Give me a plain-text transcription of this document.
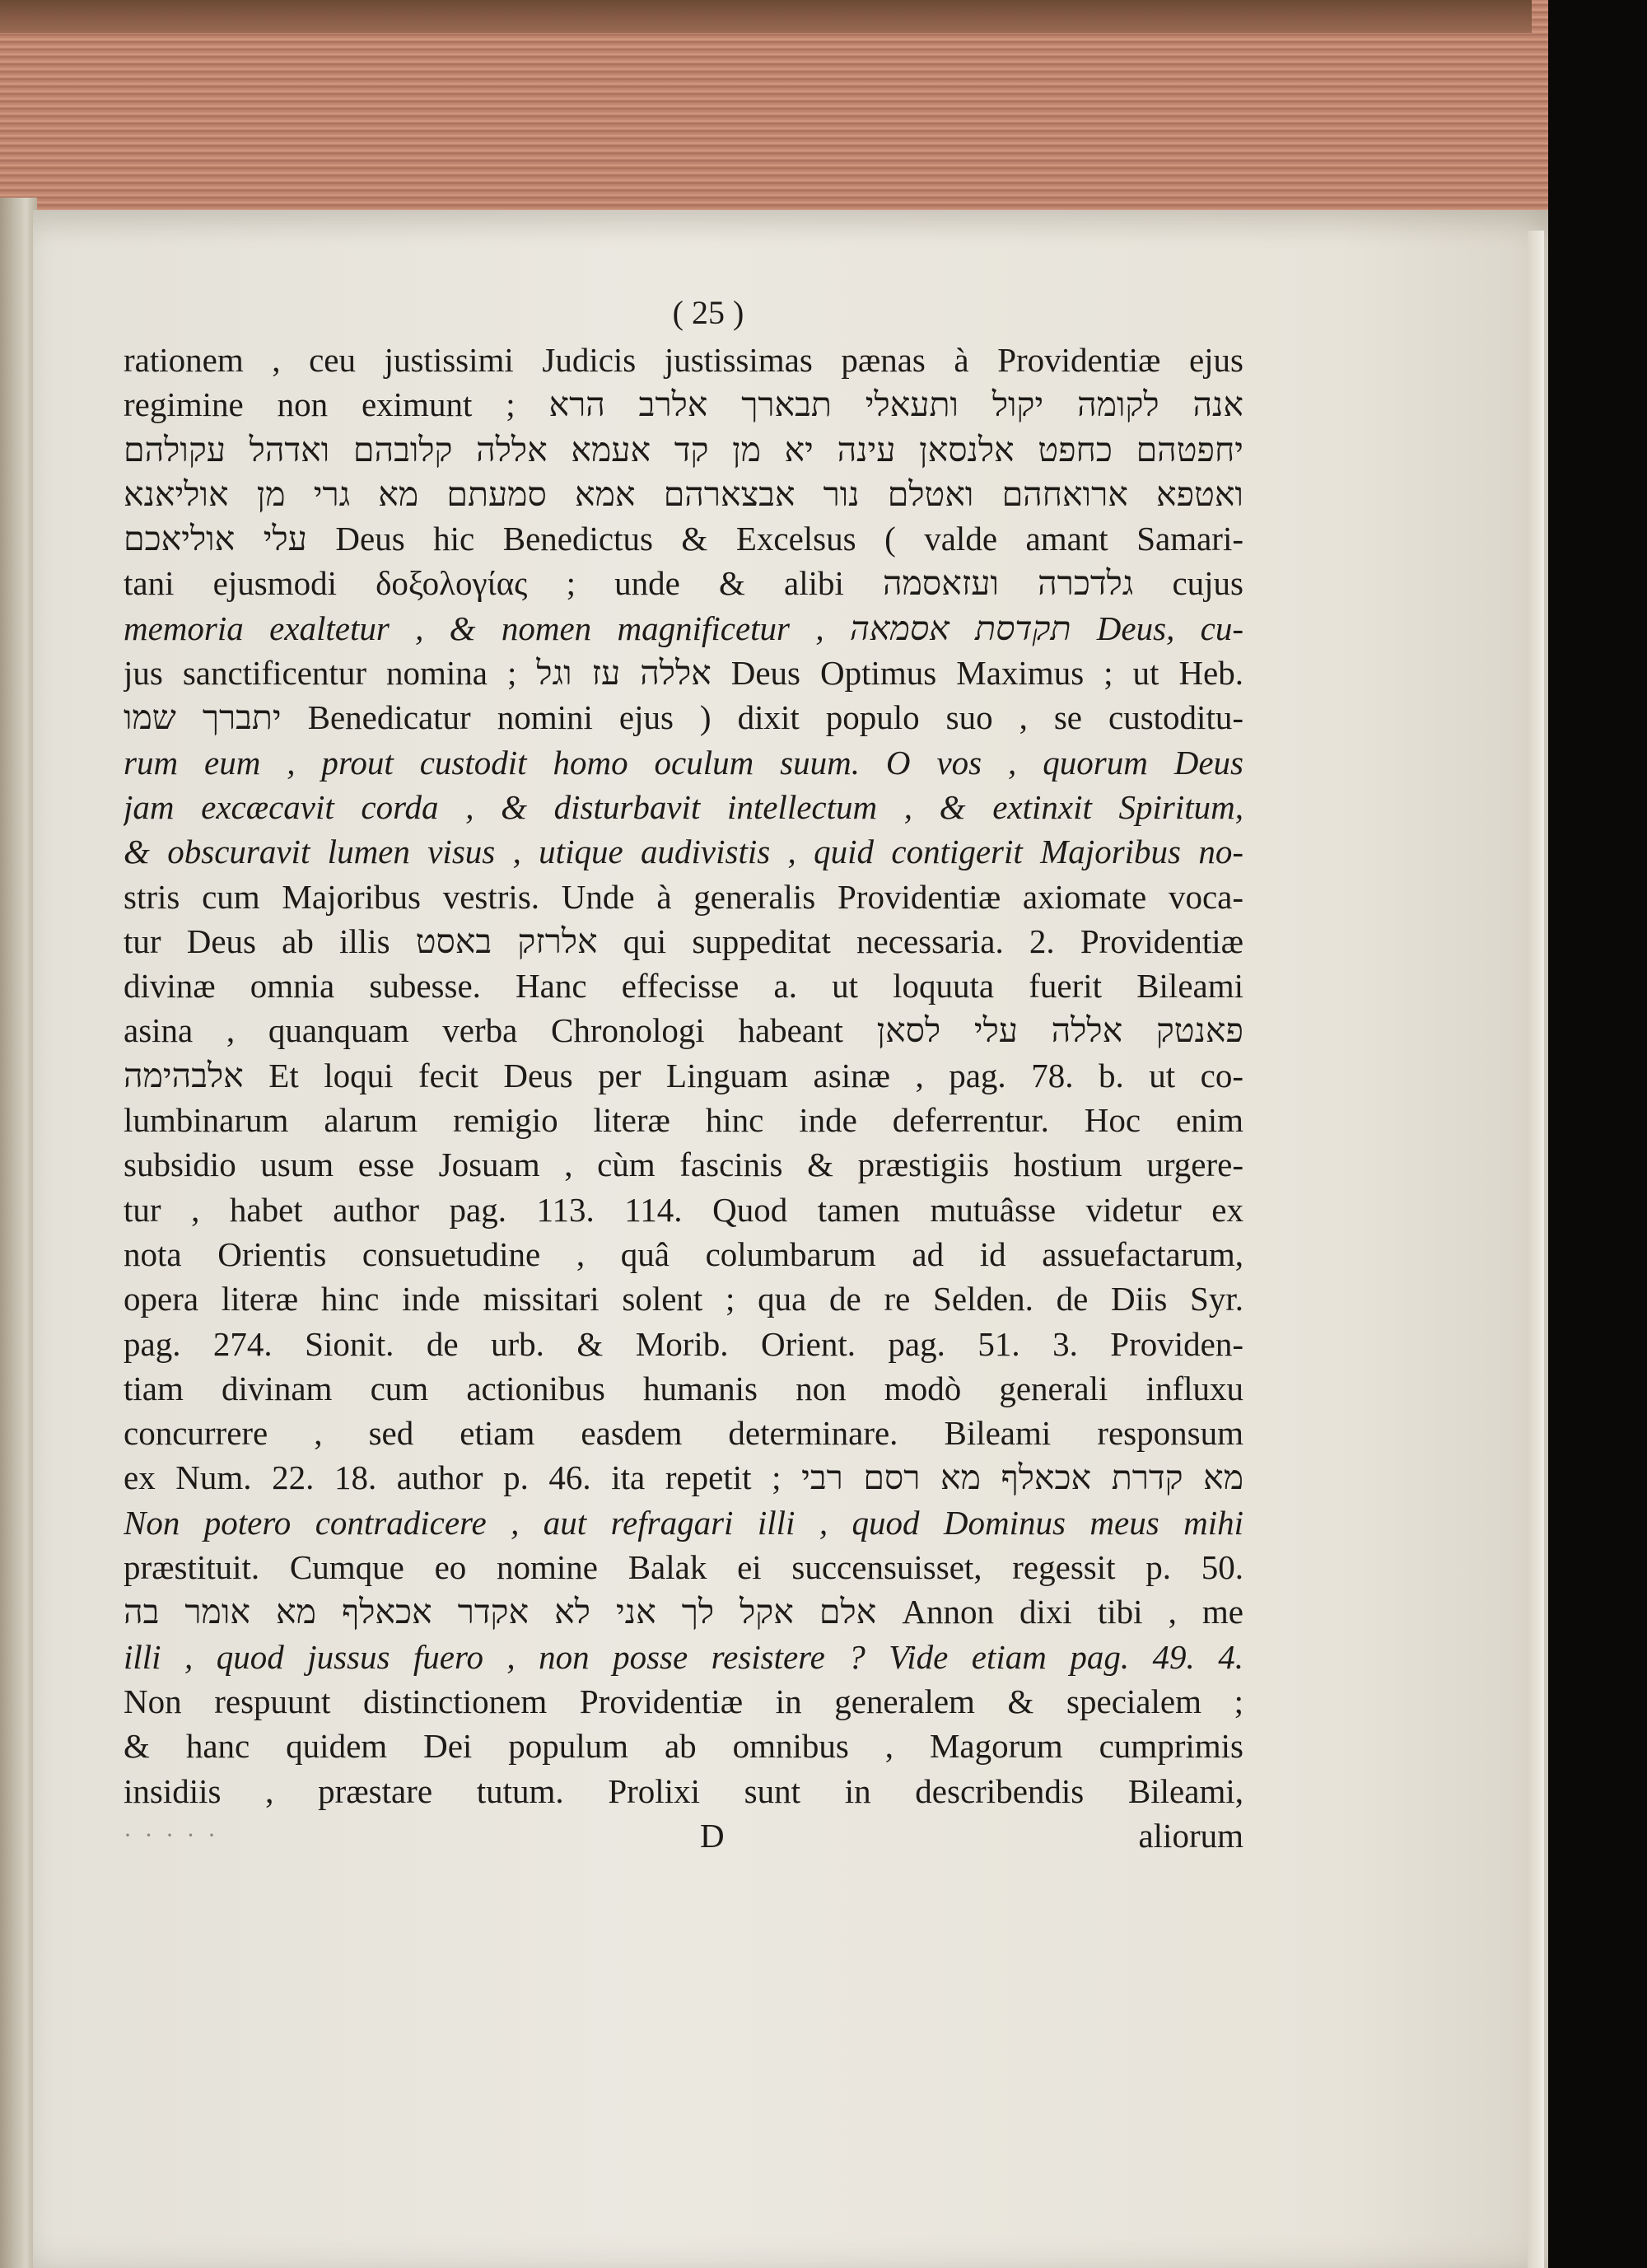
( 25 )
rationem , ceu justissimi Judicis justissimas pænas à Providentiæ ejus
regimine non eximunt ; אנה לקומה יקול ותעאלי תבארך אלרב הרא
יחפטהם כחפט אלנסאן עינה יא מן קד אעמא אללה קלובהם ואדהל עקולהם
ואטפא ארואחהם ואטלם נור אבצארהם אמא סמעתם מא גרי מן אוליאנא
עלי אוליאכם Deus hic Benedictus & Excelsus ( valde amant Samari-
tani ejusmodi δοξολογίας ; unde & alibi גלדכרה ועזאסמה cujus
memoria exaltetur , & nomen magnificetur , תקדסת אסמאה Deus, cu-
jus sanctificentur nomina ; אללה עז וגל Deus Optimus Maximus ; ut Heb.
יתברך שמו Benedicatur nomini ejus ) dixit populo suo , se custoditu-
rum eum , prout custodit homo oculum suum. O vos , quorum Deus
jam excæcavit corda , & disturbavit intellectum , & extinxit Spiritum,
& obscuravit lumen visus , utique audivistis , quid contigerit Majoribus no-
stris cum Majoribus vestris. Unde à generalis Providentiæ axiomate voca-
tur Deus ab illis אלרזק באסט qui suppeditat necessaria. 2. Providentiæ
divinæ omnia subesse. Hanc effecisse a. ut loquuta fuerit Bileami
asina , quanquam verba Chronologi habeant פאנטק אללה עלי לסאן
אלבהימה Et loqui fecit Deus per Linguam asinæ , pag. 78. b. ut co-
lumbinarum alarum remigio literæ hinc inde deferrentur. Hoc enim
subsidio usum esse Josuam , cùm fascinis & præstigiis hostium urgere-
tur , habet author pag. 113. 114. Quod tamen mutuâsse videtur ex
nota Orientis consuetudine , quâ columbarum ad id assuefactarum,
opera literæ hinc inde missitari solent ; qua de re Selden. de Diis Syr.
pag. 274. Sionit. de urb. & Morib. Orient. pag. 51. 3. Providen-
tiam divinam cum actionibus humanis non modò generali influxu
concurrere , sed etiam easdem determinare. Bileami responsum
ex Num. 22. 18. author p. 46. ita repetit ; מא קדרת אכאלף מא רסם רבי
Non potero contradicere , aut refragari illi , quod Dominus meus mihi
præstituit. Cumque eo nomine Balak ei succensuisset, regessit p. 50.
אלם אקל לך אני לא אקדר אכאלף מא אומר בה Annon dixi tibi , me
illi , quod jussus fuero , non posse resistere ? Vide etiam pag. 49. 4.
Non respuunt distinctionem Providentiæ in generalem & specialem ;
& hanc quidem Dei populum ab omnibus , Magorum cumprimis
insidiis , præstare tutum. Prolixi sunt in describendis Bileami,
· · · · ·	D	aliorum
